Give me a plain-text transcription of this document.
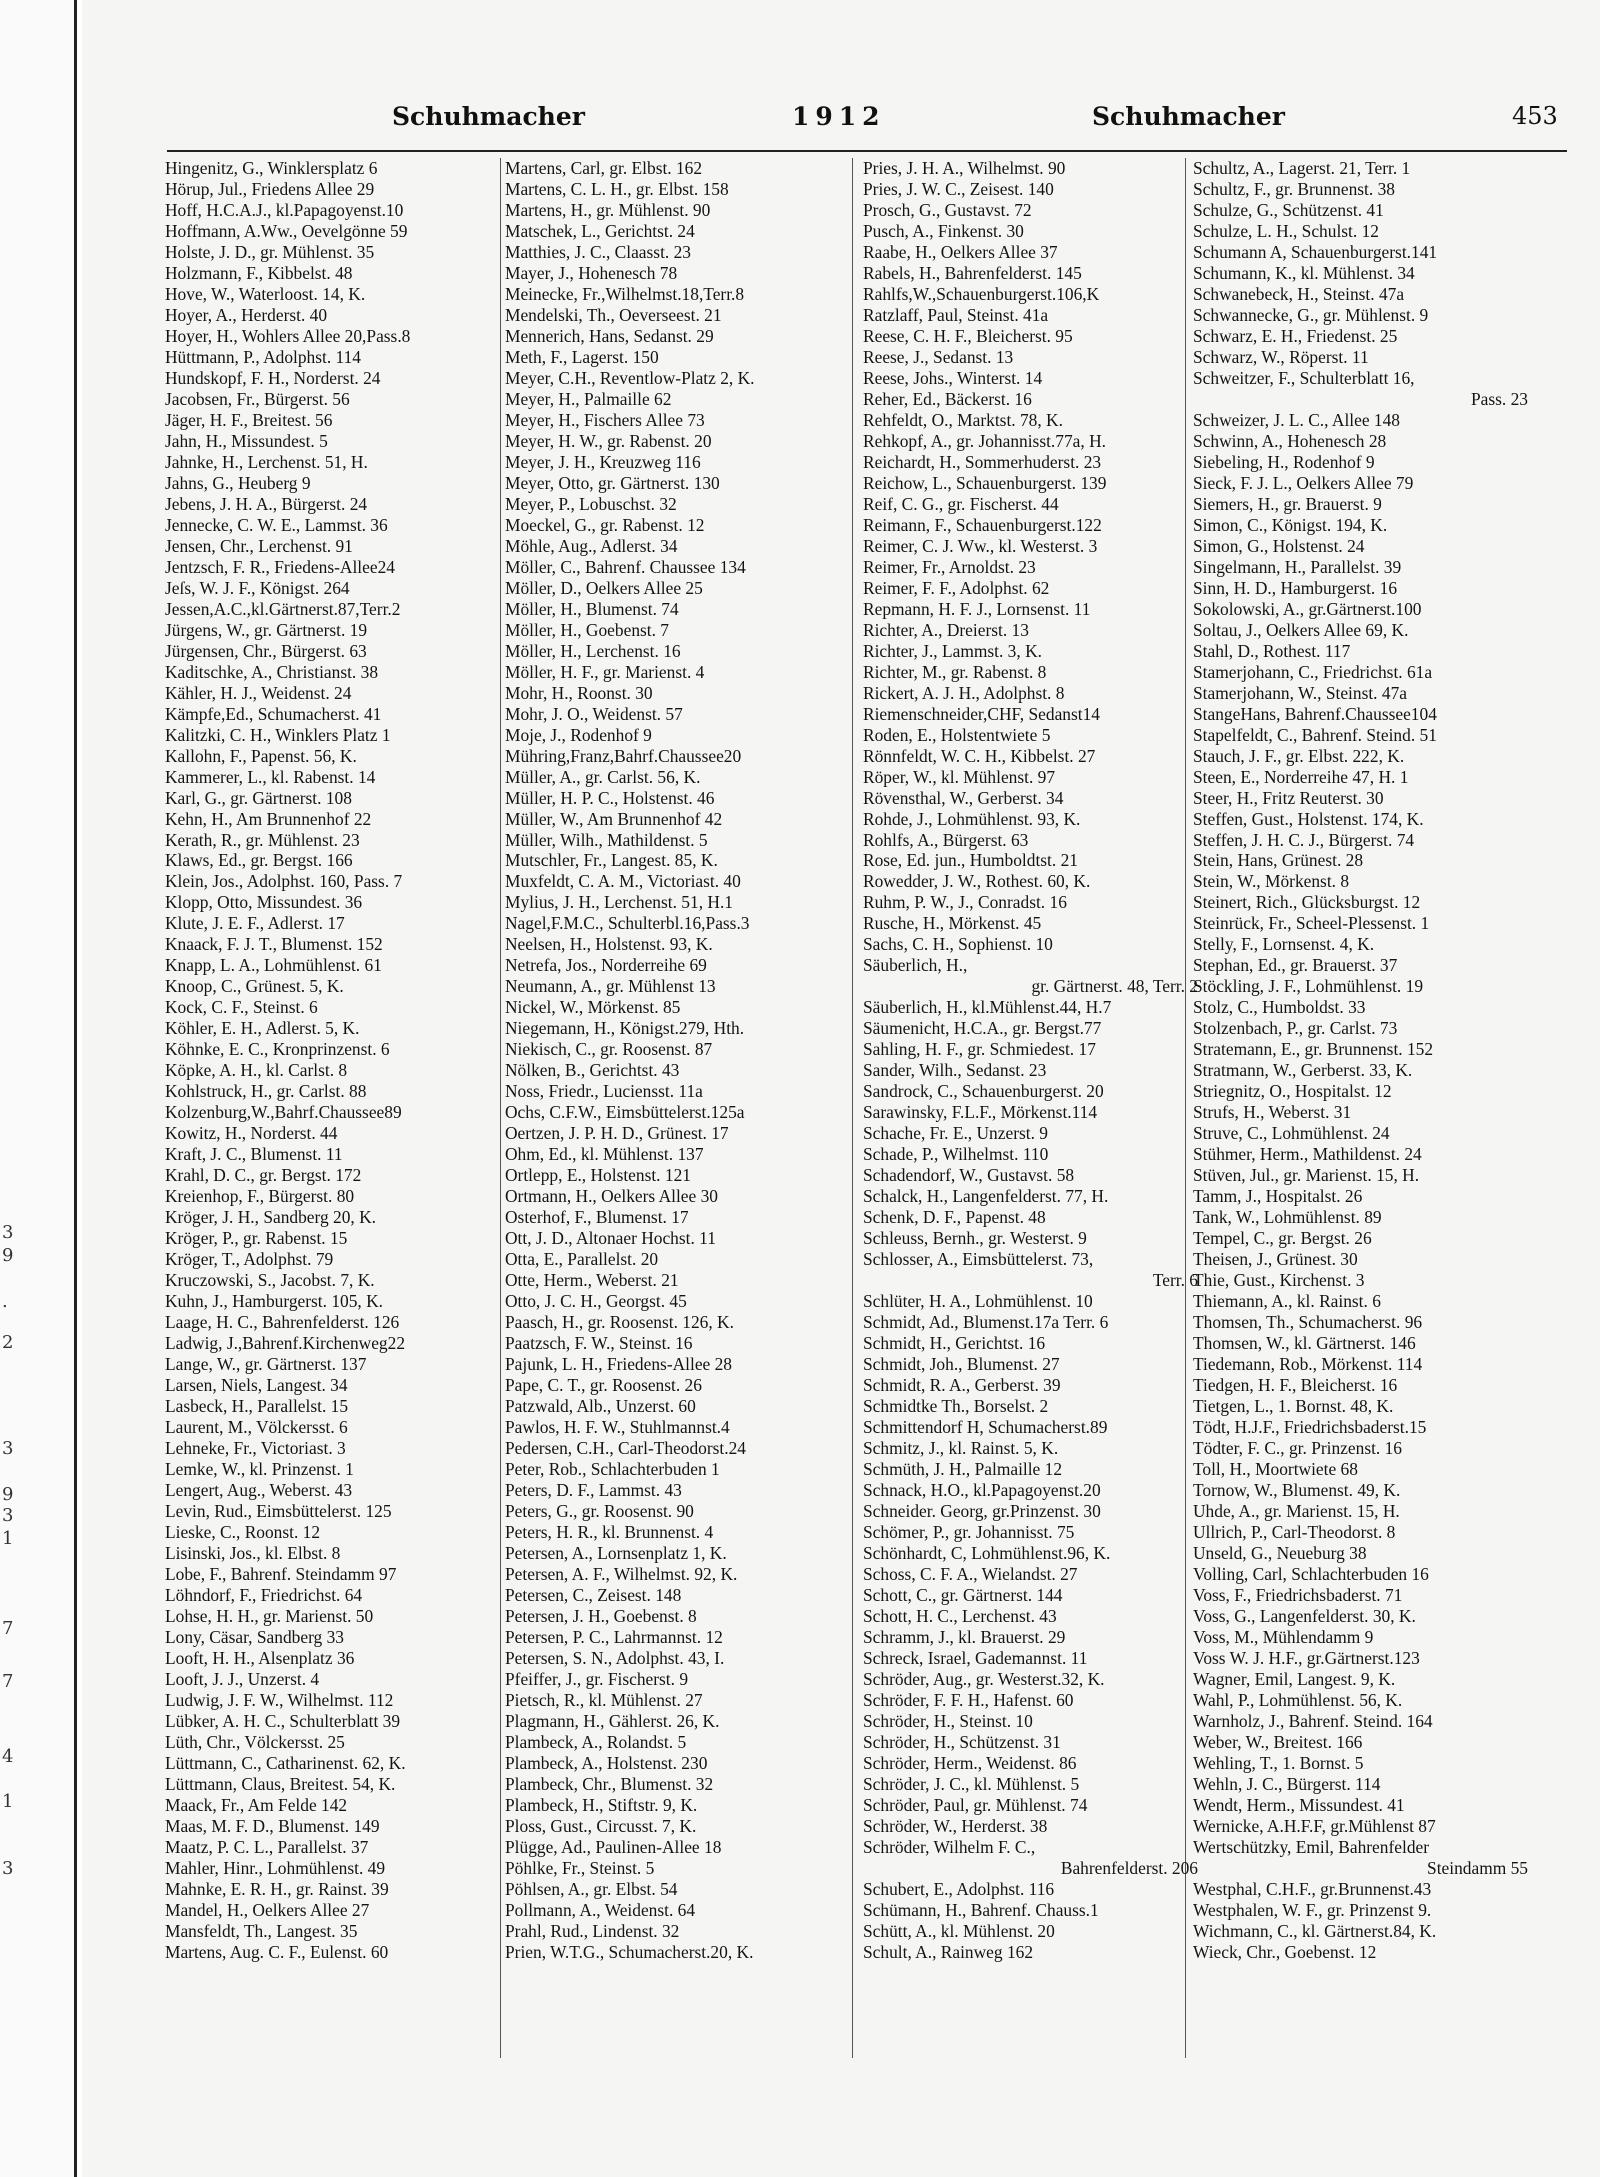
3
9
.
2
3
9
3
1
7
7
4
1
3
Schuhmacher	1912	Schuhmacher	453
Hingenitz, G., Winklersplatz 6
Hörup, Jul., Friedens Allee 29
Hoff, H.C.A.J., kl.Papagoyenst.10
Hoffmann, A.Ww., Oevelgönne 59
Holste, J. D., gr. Mühlenst. 35
Holzmann, F., Kibbelst. 48
Hove, W., Waterloost. 14, K.
Hoyer, A., Herderst. 40
Hoyer, H., Wohlers Allee 20,Pass.8
Hüttmann, P., Adolphst. 114
Hundskopf, F. H., Norderst. 24
Jacobsen, Fr., Bürgerst. 56
Jäger, H. F., Breitest. 56
Jahn, H., Missundest. 5
Jahnke, H., Lerchenst. 51, H.
Jahns, G., Heuberg 9
Jebens, J. H. A., Bürgerst. 24
Jennecke, C. W. E., Lammst. 36
Jensen, Chr., Lerchenst. 91
Jentzsch, F. R., Friedens-Allee24
Jeſs, W. J. F., Königst. 264
Jessen,A.C.,kl.Gärtnerst.87,Terr.2
Jürgens, W., gr. Gärtnerst. 19
Jürgensen, Chr., Bürgerst. 63
Kaditschke, A., Christianst. 38
Kähler, H. J., Weidenst. 24
Kämpfe,Ed., Schumacherst. 41
Kalitzki, C. H., Winklers Platz 1
Kallohn, F., Papenst. 56, K.
Kammerer, L., kl. Rabenst. 14
Karl, G., gr. Gärtnerst. 108
Kehn, H., Am Brunnenhof 22
Kerath, R., gr. Mühlenst. 23
Klaws, Ed., gr. Bergst. 166
Klein, Jos., Adolphst. 160, Pass. 7
Klopp, Otto, Missundest. 36
Klute, J. E. F., Adlerst. 17
Knaack, F. J. T., Blumenst. 152
Knapp, L. A., Lohmühlenst. 61
Knoop, C., Grünest. 5, K.
Kock, C. F., Steinst. 6
Köhler, E. H., Adlerst. 5, K.
Köhnke, E. C., Kronprinzenst. 6
Köpke, A. H., kl. Carlst. 8
Kohlstruck, H., gr. Carlst. 88
Kolzenburg,W.,Bahrf.Chaussee89
Kowitz, H., Norderst. 44
Kraft, J. C., Blumenst. 11
Krahl, D. C., gr. Bergst. 172
Kreienhop, F., Bürgerst. 80
Kröger, J. H., Sandberg 20, K.
Kröger, P., gr. Rabenst. 15
Kröger, T., Adolphst. 79
Kruczowski, S., Jacobst. 7, K.
Kuhn, J., Hamburgerst. 105, K.
Laage, H. C., Bahrenfelderst. 126
Ladwig, J.,Bahrenf.Kirchenweg22
Lange, W., gr. Gärtnerst. 137
Larsen, Niels, Langest. 34
Lasbeck, H., Parallelst. 15
Laurent, M., Völckersst. 6
Lehneke, Fr., Victoriast. 3
Lemke, W., kl. Prinzenst. 1
Lengert, Aug., Weberst. 43
Levin, Rud., Eimsbüttelerst. 125
Lieske, C., Roonst. 12
Lisinski, Jos., kl. Elbst. 8
Lobe, F., Bahrenf. Steindamm 97
Löhndorf, F., Friedrichst. 64
Lohse, H. H., gr. Marienst. 50
Lony, Cäsar, Sandberg 33
Looft, H. H., Alsenplatz 36
Looft, J. J., Unzerst. 4
Ludwig, J. F. W., Wilhelmst. 112
Lübker, A. H. C., Schulterblatt 39
Lüth, Chr., Völckersst. 25
Lüttmann, C., Catharinenst. 62, K.
Lüttmann, Claus, Breitest. 54, K.
Maack, Fr., Am Felde 142
Maas, M. F. D., Blumenst. 149
Maatz, P. C. L., Parallelst. 37
Mahler, Hinr., Lohmühlenst. 49
Mahnke, E. R. H., gr. Rainst. 39
Mandel, H., Oelkers Allee 27
Mansfeldt, Th., Langest. 35
Martens, Aug. C. F., Eulenst. 60
Martens, Carl, gr. Elbst. 162
Martens, C. L. H., gr. Elbst. 158
Martens, H., gr. Mühlenst. 90
Matschek, L., Gerichtst. 24
Matthies, J. C., Claasst. 23
Mayer, J., Hohenesch 78
Meinecke, Fr.,Wilhelmst.18,Terr.8
Mendelski, Th., Oeverseest. 21
Mennerich, Hans, Sedanst. 29
Meth, F., Lagerst. 150
Meyer, C.H., Reventlow-Platz 2, K.
Meyer, H., Palmaille 62
Meyer, H., Fischers Allee 73
Meyer, H. W., gr. Rabenst. 20
Meyer, J. H., Kreuzweg 116
Meyer, Otto, gr. Gärtnerst. 130
Meyer, P., Lobuschst. 32
Moeckel, G., gr. Rabenst. 12
Möhle, Aug., Adlerst. 34
Möller, C., Bahrenf. Chaussee 134
Möller, D., Oelkers Allee 25
Möller, H., Blumenst. 74
Möller, H., Goebenst. 7
Möller, H., Lerchenst. 16
Möller, H. F., gr. Marienst. 4
Mohr, H., Roonst. 30
Mohr, J. O., Weidenst. 57
Moje, J., Rodenhof 9
Mühring,Franz,Bahrf.Chaussee20
Müller, A., gr. Carlst. 56, K.
Müller, H. P. C., Holstenst. 46
Müller, W., Am Brunnenhof 42
Müller, Wilh., Mathildenst. 5
Mutschler, Fr., Langest. 85, K.
Muxfeldt, C. A. M., Victoriast. 40
Mylius, J. H., Lerchenst. 51, H.1
Nagel,F.M.C., Schulterbl.16,Pass.3
Neelsen, H., Holstenst. 93, K.
Netrefa, Jos., Norderreihe 69
Neumann, A., gr. Mühlenst 13
Nickel, W., Mörkenst. 85
Niegemann, H., Königst.279, Hth.
Niekisch, C., gr. Roosenst. 87
Nölken, B., Gerichtst. 43
Noss, Friedr., Luciensst. 11a
Ochs, C.F.W., Eimsbüttelerst.125a
Oertzen, J. P. H. D., Grünest. 17
Ohm, Ed., kl. Mühlenst. 137
Ortlepp, E., Holstenst. 121
Ortmann, H., Oelkers Allee 30
Osterhof, F., Blumenst. 17
Ott, J. D., Altonaer Hochst. 11
Otta, E., Parallelst. 20
Otte, Herm., Weberst. 21
Otto, J. C. H., Georgst. 45
Paasch, H., gr. Roosenst. 126, K.
Paatzsch, F. W., Steinst. 16
Pajunk, L. H., Friedens-Allee 28
Pape, C. T., gr. Roosenst. 26
Patzwald, Alb., Unzerst. 60
Pawlos, H. F. W., Stuhlmannst.4
Pedersen, C.H., Carl-Theodorst.24
Peter, Rob., Schlachterbuden 1
Peters, D. F., Lammst. 43
Peters, G., gr. Roosenst. 90
Peters, H. R., kl. Brunnenst. 4
Petersen, A., Lornsenplatz 1, K.
Petersen, A. F., Wilhelmst. 92, K.
Petersen, C., Zeisest. 148
Petersen, J. H., Goebenst. 8
Petersen, P. C., Lahrmannst. 12
Petersen, S. N., Adolphst. 43, I.
Pfeiffer, J., gr. Fischerst. 9
Pietsch, R., kl. Mühlenst. 27
Plagmann, H., Gählerst. 26, K.
Plambeck, A., Rolandst. 5
Plambeck, A., Holstenst. 230
Plambeck, Chr., Blumenst. 32
Plambeck, H., Stiftstr. 9, K.
Ploss, Gust., Circusst. 7, K.
Plügge, Ad., Paulinen-Allee 18
Pöhlke, Fr., Steinst. 5
Pöhlsen, A., gr. Elbst. 54
Pollmann, A., Weidenst. 64
Prahl, Rud., Lindenst. 32
Prien, W.T.G., Schumacherst.20, K.
Pries, J. H. A., Wilhelmst. 90
Pries, J. W. C., Zeisest. 140
Prosch, G., Gustavst. 72
Pusch, A., Finkenst. 30
Raabe, H., Oelkers Allee 37
Rabels, H., Bahrenfelderst. 145
Rahlfs,W.,Schauenburgerst.106,K
Ratzlaff, Paul, Steinst. 41a
Reese, C. H. F., Bleicherst. 95
Reese, J., Sedanst. 13
Reese, Johs., Winterst. 14
Reher, Ed., Bäckerst. 16
Rehfeldt, O., Marktst. 78, K.
Rehkopf, A., gr. Johannisst.77a, H.
Reichardt, H., Sommerhuderst. 23
Reichow, L., Schauenburgerst. 139
Reif, C. G., gr. Fischerst. 44
Reimann, F., Schauenburgerst.122
Reimer, C. J. Ww., kl. Westerst. 3
Reimer, Fr., Arnoldst. 23
Reimer, F. F., Adolphst. 62
Repmann, H. F. J., Lornsenst. 11
Richter, A., Dreierst. 13
Richter, J., Lammst. 3, K.
Richter, M., gr. Rabenst. 8
Rickert, A. J. H., Adolphst. 8
Riemenschneider,CHF, Sedanst14
Roden, E., Holstentwiete 5
Rönnfeldt, W. C. H., Kibbelst. 27
Röper, W., kl. Mühlenst. 97
Rövensthal, W., Gerberst. 34
Rohde, J., Lohmühlenst. 93, K.
Rohlfs, A., Bürgerst. 63
Rose, Ed. jun., Humboldtst. 21
Rowedder, J. W., Rothest. 60, K.
Ruhm, P. W., J., Conradst. 16
Rusche, H., Mörkenst. 45
Sachs, C. H., Sophienst. 10
Säuberlich, H.,
gr. Gärtnerst. 48, Terr. 2
Säuberlich, H., kl.Mühlenst.44, H.7
Säumenicht, H.C.A., gr. Bergst.77
Sahling, H. F., gr. Schmiedest. 17
Sander, Wilh., Sedanst. 23
Sandrock, C., Schauenburgerst. 20
Sarawinsky, F.L.F., Mörkenst.114
Schache, Fr. E., Unzerst. 9
Schade, P., Wilhelmst. 110
Schadendorf, W., Gustavst. 58
Schalck, H., Langenfelderst. 77, H.
Schenk, D. F., Papenst. 48
Schleuss, Bernh., gr. Westerst. 9
Schlosser, A., Eimsbüttelerst. 73,
Terr. 6
Schlüter, H. A., Lohmühlenst. 10
Schmidt, Ad., Blumenst.17a Terr. 6
Schmidt, H., Gerichtst. 16
Schmidt, Joh., Blumenst. 27
Schmidt, R. A., Gerberst. 39
Schmidtke Th., Borselst. 2
Schmittendorf H, Schumacherst.89
Schmitz, J., kl. Rainst. 5, K.
Schmüth, J. H., Palmaille 12
Schnack, H.O., kl.Papagoyenst.20
Schneider. Georg, gr.Prinzenst. 30
Schömer, P., gr. Johannisst. 75
Schönhardt, C, Lohmühlenst.96, K.
Schoss, C. F. A., Wielandst. 27
Schott, C., gr. Gärtnerst. 144
Schott, H. C., Lerchenst. 43
Schramm, J., kl. Brauerst. 29
Schreck, Israel, Gademannst. 11
Schröder, Aug., gr. Westerst.32, K.
Schröder, F. F. H., Hafenst. 60
Schröder, H., Steinst. 10
Schröder, H., Schützenst. 31
Schröder, Herm., Weidenst. 86
Schröder, J. C., kl. Mühlenst. 5
Schröder, Paul, gr. Mühlenst. 74
Schröder, W., Herderst. 38
Schröder, Wilhelm F. C.,
Bahrenfelderst. 206
Schubert, E., Adolphst. 116
Schümann, H., Bahrenf. Chauss.1
Schütt, A., kl. Mühlenst. 20
Schult, A., Rainweg 162
Schultz, A., Lagerst. 21, Terr. 1
Schultz, F., gr. Brunnenst. 38
Schulze, G., Schützenst. 41
Schulze, L. H., Schulst. 12
Schumann A, Schauenburgerst.141
Schumann, K., kl. Mühlenst. 34
Schwanebeck, H., Steinst. 47a
Schwannecke, G., gr. Mühlenst. 9
Schwarz, E. H., Friedenst. 25
Schwarz, W., Röperst. 11
Schweitzer, F., Schulterblatt 16,
Pass. 23
Schweizer, J. L. C., Allee 148
Schwinn, A., Hohenesch 28
Siebeling, H., Rodenhof 9
Sieck, F. J. L., Oelkers Allee 79
Siemers, H., gr. Brauerst. 9
Simon, C., Königst. 194, K.
Simon, G., Holstenst. 24
Singelmann, H., Parallelst. 39
Sinn, H. D., Hamburgerst. 16
Sokolowski, A., gr.Gärtnerst.100
Soltau, J., Oelkers Allee 69, K.
Stahl, D., Rothest. 117
Stamerjohann, C., Friedrichst. 61a
Stamerjohann, W., Steinst. 47a
StangeHans, Bahrenf.Chaussee104
Stapelfeldt, C., Bahrenf. Steind. 51
Stauch, J. F., gr. Elbst. 222, K.
Steen, E., Norderreihe 47, H. 1
Steer, H., Fritz Reuterst. 30
Steffen, Gust., Holstenst. 174, K.
Steffen, J. H. C. J., Bürgerst. 74
Stein, Hans, Grünest. 28
Stein, W., Mörkenst. 8
Steinert, Rich., Glücksburgst. 12
Steinrück, Fr., Scheel-Plessenst. 1
Stelly, F., Lornsenst. 4, K.
Stephan, Ed., gr. Brauerst. 37
Stöckling, J. F., Lohmühlenst. 19
Stolz, C., Humboldst. 33
Stolzenbach, P., gr. Carlst. 73
Stratemann, E., gr. Brunnenst. 152
Stratmann, W., Gerberst. 33, K.
Striegnitz, O., Hospitalst. 12
Strufs, H., Weberst. 31
Struve, C., Lohmühlenst. 24
Stühmer, Herm., Mathildenst. 24
Stüven, Jul., gr. Marienst. 15, H.
Tamm, J., Hospitalst. 26
Tank, W., Lohmühlenst. 89
Tempel, C., gr. Bergst. 26
Theisen, J., Grünest. 30
Thie, Gust., Kirchenst. 3
Thiemann, A., kl. Rainst. 6
Thomsen, Th., Schumacherst. 96
Thomsen, W., kl. Gärtnerst. 146
Tiedemann, Rob., Mörkenst. 114
Tiedgen, H. F., Bleicherst. 16
Tietgen, L., 1. Bornst. 48, K.
Tödt, H.J.F., Friedrichsbaderst.15
Tödter, F. C., gr. Prinzenst. 16
Toll, H., Moortwiete 68
Tornow, W., Blumenst. 49, K.
Uhde, A., gr. Marienst. 15, H.
Ullrich, P., Carl-Theodorst. 8
Unseld, G., Neueburg 38
Volling, Carl, Schlachterbuden 16
Voss, F., Friedrichsbaderst. 71
Voss, G., Langenfelderst. 30, K.
Voss, M., Mühlendamm 9
Voss W. J. H.F., gr.Gärtnerst.123
Wagner, Emil, Langest. 9, K.
Wahl, P., Lohmühlenst. 56, K.
Warnholz, J., Bahrenf. Steind. 164
Weber, W., Breitest. 166
Wehling, T., 1. Bornst. 5
Wehln, J. C., Bürgerst. 114
Wendt, Herm., Missundest. 41
Wernicke, A.H.F.F, gr.Mühlenst 87
Wertschützky, Emil, Bahrenfelder
Steindamm 55
Westphal, C.H.F., gr.Brunnenst.43
Westphalen, W. F., gr. Prinzenst 9.
Wichmann, C., kl. Gärtnerst.84, K.
Wieck, Chr., Goebenst. 12
